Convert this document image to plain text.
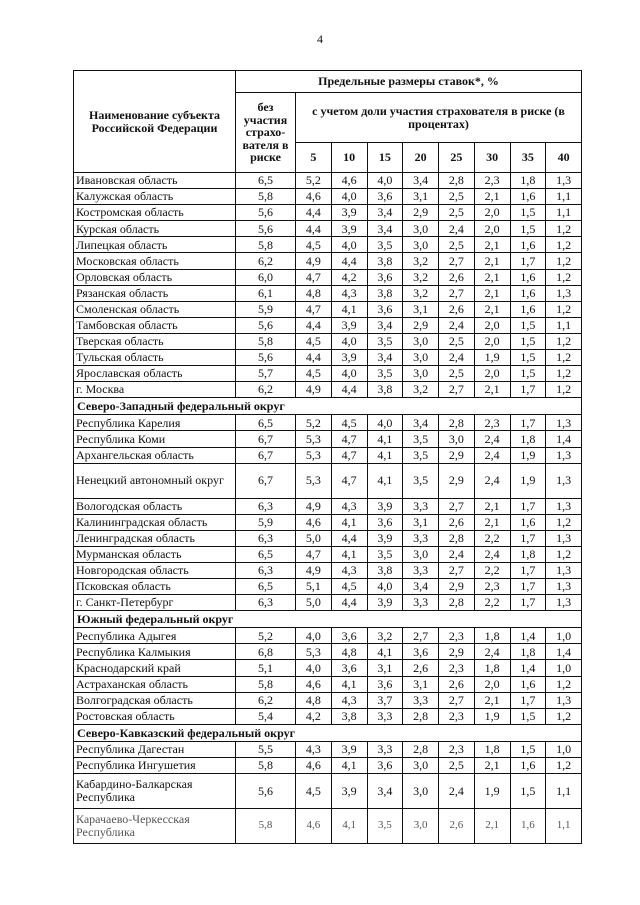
4
Наименование субъекта Российской Федерации	Предельные размеры ставок*, %								
	без участия страхо-вателя в риске	с учетом доли участия страхователя в риске (в процентах)							
		5	10	15	20	25	30	35	40
Ивановская область	6,5	5,2	4,6	4,0	3,4	2,8	2,3	1,8	1,3
Калужская область	5,8	4,6	4,0	3,6	3,1	2,5	2,1	1,6	1,1
Костромская область	5,6	4,4	3,9	3,4	2,9	2,5	2,0	1,5	1,1
Курская область	5,6	4,4	3,9	3,4	3,0	2,4	2,0	1,5	1,2
Липецкая область	5,8	4,5	4,0	3,5	3,0	2,5	2,1	1,6	1,2
Московская область	6,2	4,9	4,4	3,8	3,2	2,7	2,1	1,7	1,2
Орловская область	6,0	4,7	4,2	3,6	3,2	2,6	2,1	1,6	1,2
Рязанская область	6,1	4,8	4,3	3,8	3,2	2,7	2,1	1,6	1,3
Смоленская область	5,9	4,7	4,1	3,6	3,1	2,6	2,1	1,6	1,2
Тамбовская область	5,6	4,4	3,9	3,4	2,9	2,4	2,0	1,5	1,1
Тверская область	5,8	4,5	4,0	3,5	3,0	2,5	2,0	1,5	1,2
Тульская область	5,6	4,4	3,9	3,4	3,0	2,4	1,9	1,5	1,2
Ярославская область	5,7	4,5	4,0	3,5	3,0	2,5	2,0	1,5	1,2
г. Москва	6,2	4,9	4,4	3,8	3,2	2,7	2,1	1,7	1,2
Северо-Западный федеральный округ									
Республика Карелия	6,5	5,2	4,5	4,0	3,4	2,8	2,3	1,7	1,3
Республика Коми	6,7	5,3	4,7	4,1	3,5	3,0	2,4	1,8	1,4
Архангельская область	6,7	5,3	4,7	4,1	3,5	2,9	2,4	1,9	1,3
Ненецкий автономный округ	6,7	5,3	4,7	4,1	3,5	2,9	2,4	1,9	1,3
Вологодская область	6,3	4,9	4,3	3,9	3,3	2,7	2,1	1,7	1,3
Калининградская область	5,9	4,6	4,1	3,6	3,1	2,6	2,1	1,6	1,2
Ленинградская область	6,3	5,0	4,4	3,9	3,3	2,8	2,2	1,7	1,3
Мурманская область	6,5	4,7	4,1	3,5	3,0	2,4	2,4	1,8	1,2
Новгородская область	6,3	4,9	4,3	3,8	3,3	2,7	2,2	1,7	1,3
Псковская область	6,5	5,1	4,5	4,0	3,4	2,9	2,3	1,7	1,3
г. Санкт-Петербург	6,3	5,0	4,4	3,9	3,3	2,8	2,2	1,7	1,3
Южный федеральный округ									
Республика Адыгея	5,2	4,0	3,6	3,2	2,7	2,3	1,8	1,4	1,0
Республика Калмыкия	6,8	5,3	4,8	4,1	3,6	2,9	2,4	1,8	1,4
Краснодарский край	5,1	4,0	3,6	3,1	2,6	2,3	1,8	1,4	1,0
Астраханская область	5,8	4,6	4,1	3,6	3,1	2,6	2,0	1,6	1,2
Волгоградская область	6,2	4,8	4,3	3,7	3,3	2,7	2,1	1,7	1,3
Ростовская область	5,4	4,2	3,8	3,3	2,8	2,3	1,9	1,5	1,2
Северо-Кавказский федеральный округ									
Республика Дагестан	5,5	4,3	3,9	3,3	2,8	2,3	1,8	1,5	1,0
Республика Ингушетия	5,8	4,6	4,1	3,6	3,0	2,5	2,1	1,6	1,2
Кабардино-Балкарская Республика	5,6	4,5	3,9	3,4	3,0	2,4	1,9	1,5	1,1
Карачаево-Черкесская Республика	5,8	4,6	4,1	3,5	3,0	2,6	2,1	1,6	1,1
